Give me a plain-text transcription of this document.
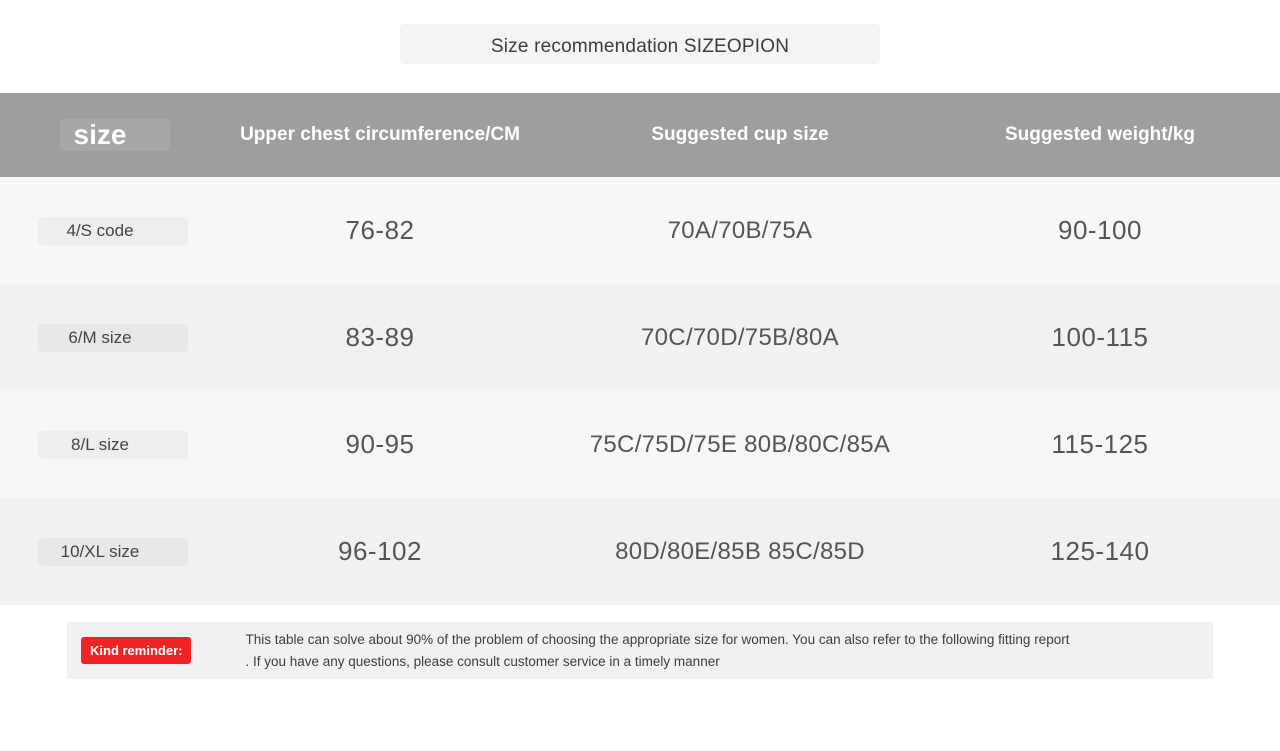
Size recommendation SIZEOPION
size	Upper chest circumference/CM	Suggested cup size	Suggested weight/kg

4/S code	76-82	70A/70B/75A	90-100

6/M size	83-89	70C/70D/75B/80A	100-115

8/L size	90-95	75C/75D/75E 80B/80C/85A	115-125

10/XL size	96-102	80D/80E/85B 85C/85D	125-140
Kind reminder:
This table can solve about 90% of the problem of choosing the appropriate size for women. You can also refer to the following fitting report
. If you have any questions, please consult customer service in a timely manner
